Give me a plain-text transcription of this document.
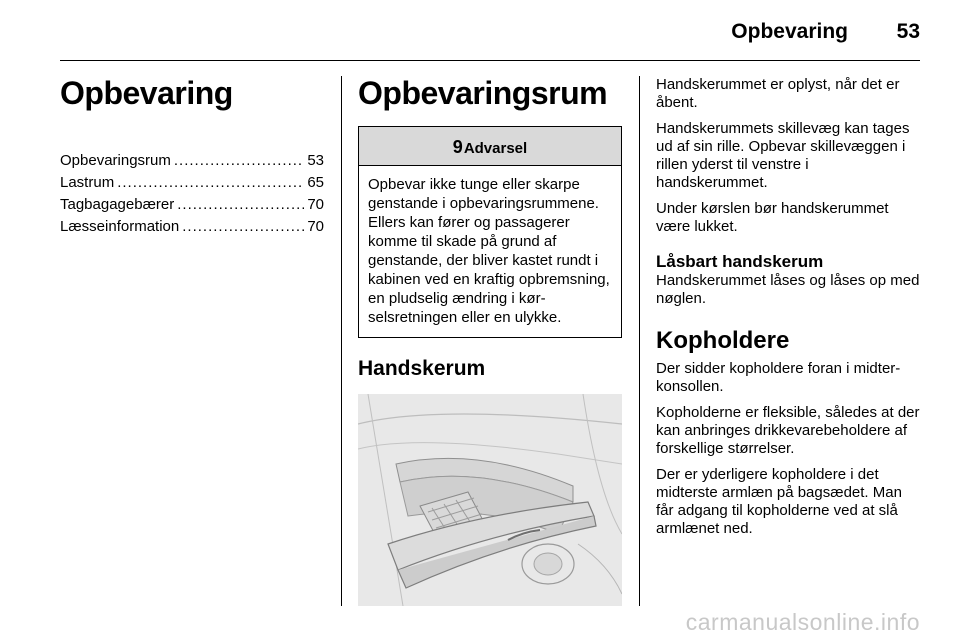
Opbevaring	53
Opbevaring
Opbevaringsrum .....	53
Lastrum .....	65
Tagbagagebærer .....	70
Læsseinformation .....	70
Opbevaringsrum
9Advarsel
Opbevar ikke tunge eller skarpe genstande i opbevaringsrummene. Ellers kan fører og passagerer komme til skade på grund af genstande, der bliver kastet rundt i kabinen ved en kraftig opbremsning, en pludselig ændring i kørselsretningen eller en ulykke.
Handskerum

Handskerummet er oplyst, når det er åbent.

Handskerummets skillevæg kan tages ud af sin rille. Opbevar skillevæggen i rillen yderst til venstre i handskerummet.

Under kørslen bør handskerummet være lukket.

Låsbart handskerum

Handskerummet låses og låses op med nøglen.

Kopholdere

Der sidder kopholdere foran i midterkonsollen.

Kopholderne er fleksible, således at der kan anbringes drikkevarebeholdere af forskellige størrelser.

Der er yderligere kopholdere i det midterste armlæn på bagsædet. Man får adgang til kopholderne ved at slå armlænet ned.

carmanualsonline.info
